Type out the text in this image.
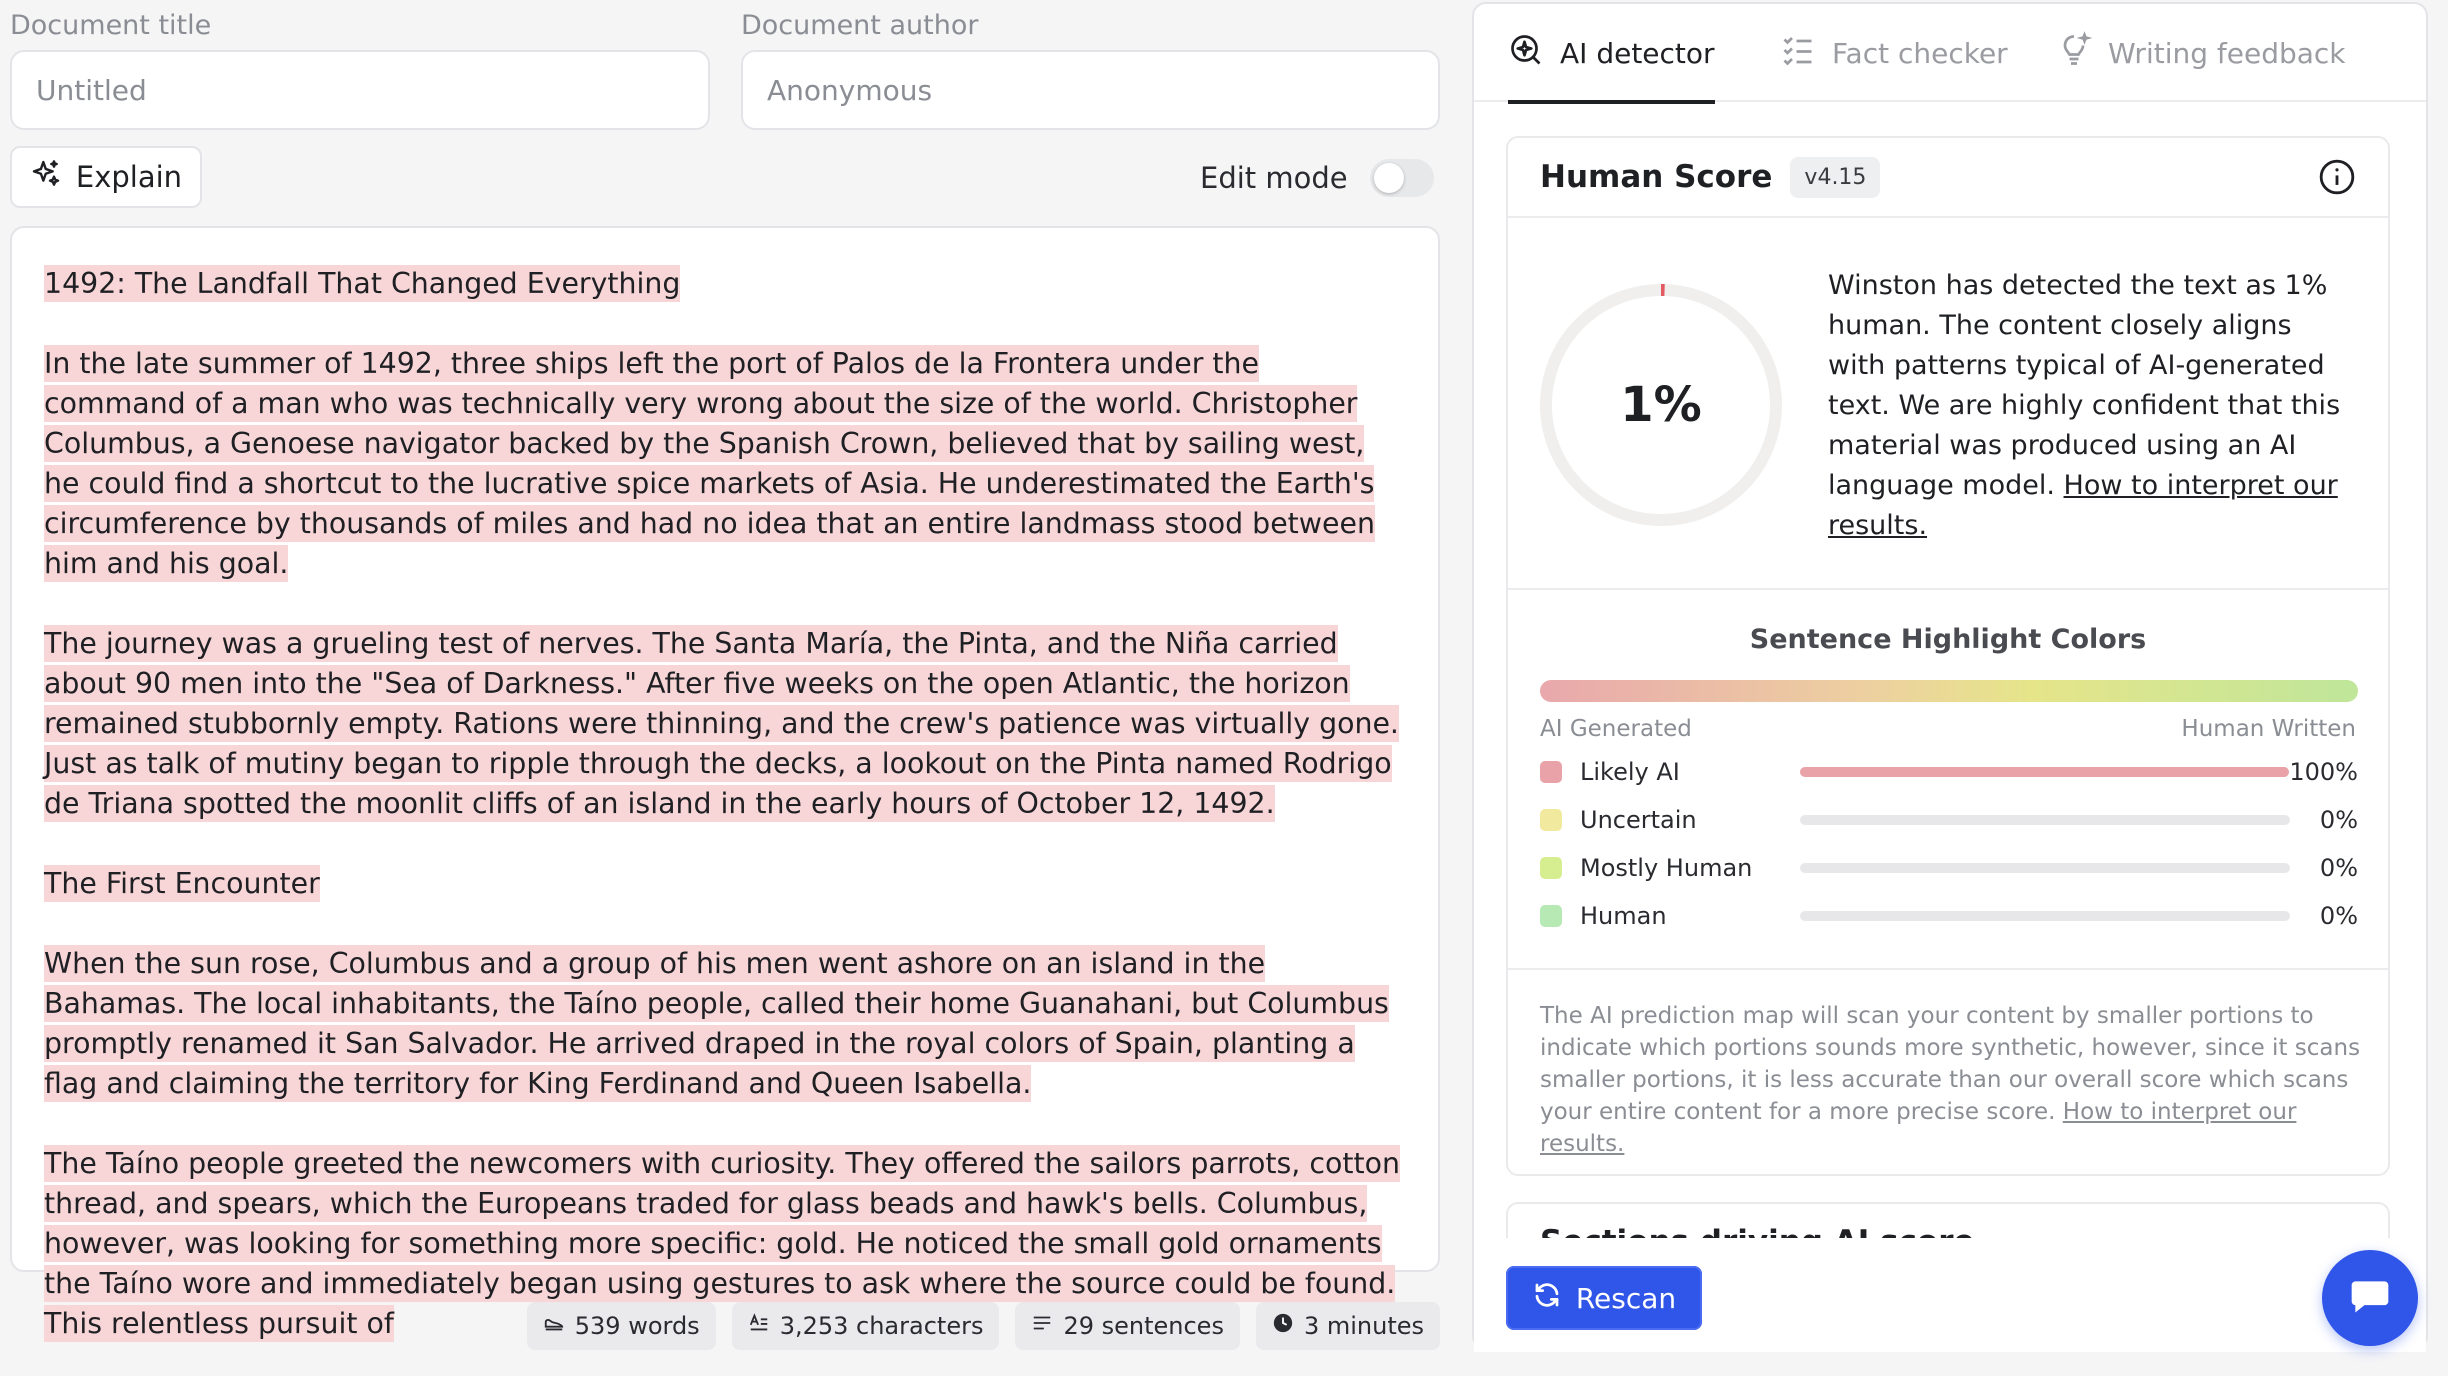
Document title
Untitled
Document author
Anonymous
Explain	Edit mode

1492: The Landfall That Changed Everything

In the late summer of 1492, three ships left the port of Palos de la Frontera under the command of a man who was technically very wrong about the size of the world. Christopher Columbus, a Genoese navigator backed by the Spanish Crown, believed that by sailing west, he could find a shortcut to the lucrative spice markets of Asia. He underestimated the Earth's circumference by thousands of miles and had no idea that an entire landmass stood between him and his goal.

The journey was a grueling test of nerves. The Santa María, the Pinta, and the Niña carried about 90 men into the "Sea of Darkness." After five weeks on the open Atlantic, the horizon remained stubbornly empty. Rations were thinning, and the crew's patience was virtually gone. Just as talk of mutiny began to ripple through the decks, a lookout on the Pinta named Rodrigo de Triana spotted the moonlit cliffs of an island in the early hours of October 12, 1492.

The First Encounter

When the sun rose, Columbus and a group of his men went ashore on an island in the Bahamas. The local inhabitants, the Taíno people, called their home Guanahani, but Columbus promptly renamed it San Salvador. He arrived draped in the royal colors of Spain, planting a flag and claiming the territory for King Ferdinand and Queen Isabella.

The Taíno people greeted the newcomers with curiosity. They offered the sailors parrots, cotton thread, and spears, which the Europeans traded for glass beads and hawk's bells. Columbus, however, was looking for something more specific: gold. He noticed the small gold ornaments the Taíno wore and immediately began using gestures to ask where the source could be found. This relentless pursuit of	539 words	3,253 characters	29 sentences	3 minutes
AI detector	Fact checker	Writing feedback
Human Score	v4.15
1%

Winston has detected the text as 1% human. The content closely aligns with patterns typical of AI-generated text. We are highly confident that this material was produced using an AI language model. How to interpret our results.

Sentence Highlight Colors
AI Generated	Human Written
Likely AI	100%
Uncertain	0%
Mostly Human	0%
Human	0%

The AI prediction map will scan your content by smaller portions to indicate which portions sounds more synthetic, however, since it scans smaller portions, it is less accurate than our overall score which scans your entire content for a more precise score. How to interpret our results.

Rescan
